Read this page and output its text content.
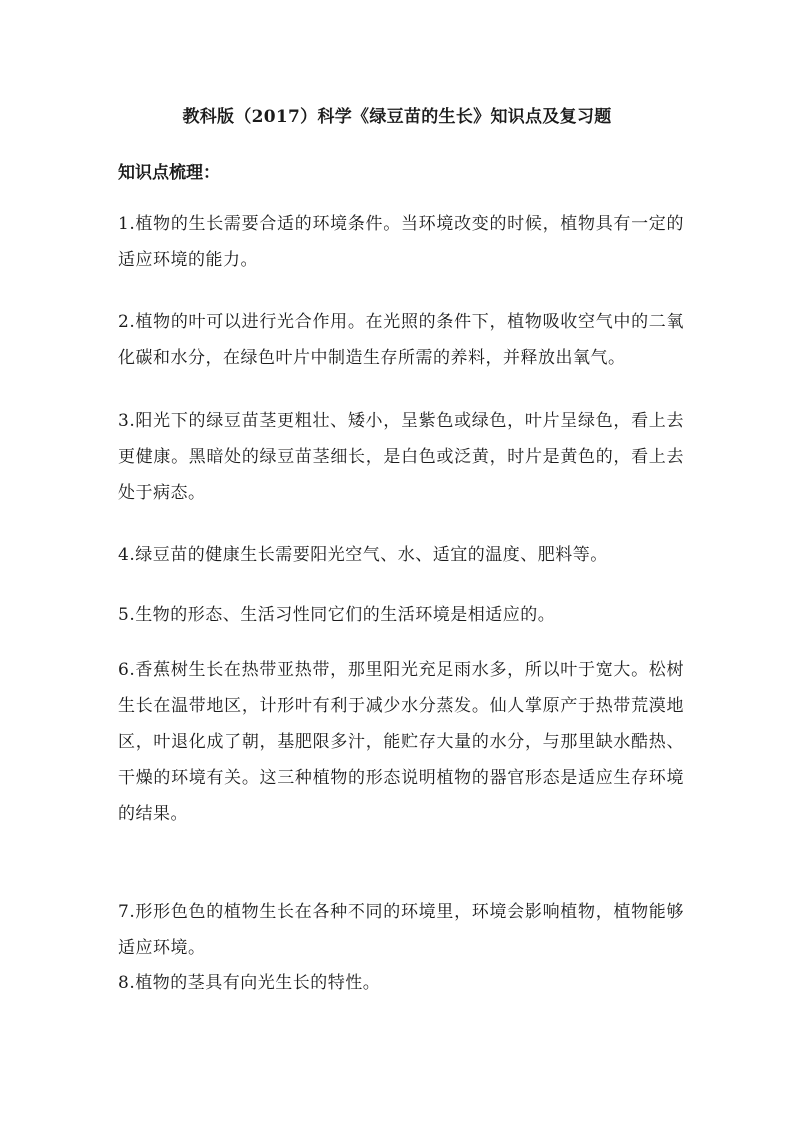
教科版（2017）科学《绿豆苗的生长》知识点及复习题
知识点梳理：

1.植物的生长需要合适的环境条件。当环境改变的时候，植物具有一定的适应环境的能力。

2.植物的叶可以进行光合作用。在光照的条件下，植物吸收空气中的二氧化碳和水分，在绿色叶片中制造生存所需的养料，并释放出氧气。

3.阳光下的绿豆苗茎更粗壮、矮小，呈紫色或绿色，叶片呈绿色，看上去更健康。黑暗处的绿豆苗茎细长，是白色或泛黄，时片是黄色的，看上去处于病态。

4.绿豆苗的健康生长需要阳光空气、水、适宜的温度、肥料等。

5.生物的形态、生活习性同它们的生活环境是相适应的。

6.香蕉树生长在热带亚热带，那里阳光充足雨水多，所以叶于宽大。松树生长在温带地区，计形叶有利于减少水分蒸发。仙人掌原产于热带荒漠地区，叶退化成了朝，基肥限多汁，能贮存大量的水分，与那里缺水酷热、干燥的环境有关。这三种植物的形态说明植物的器官形态是适应生存环境的结果。

7.形形色色的植物生长在各种不同的环境里，环境会影响植物，植物能够适应环境。

8.植物的茎具有向光生长的特性。
